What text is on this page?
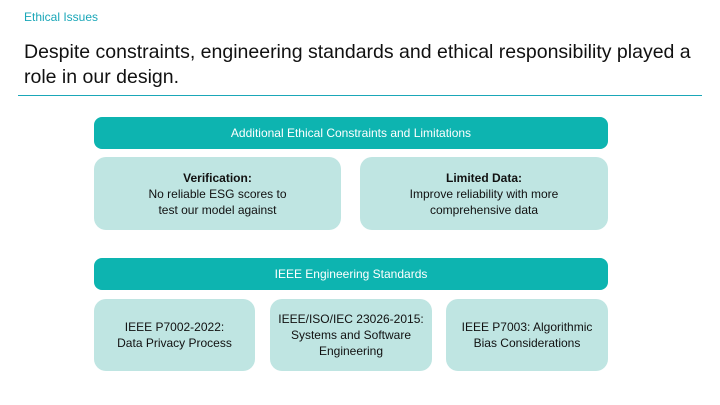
Ethical Issues
Despite constraints, engineering standards and ethical responsibility played a role in our design.
Additional Ethical Constraints and Limitations
Verification:
No reliable ESG scores to
test our model against
Limited Data:
Improve reliability with more
comprehensive data
IEEE Engineering Standards
IEEE P7002-2022:
Data Privacy Process
IEEE/ISO/IEC 23026-2015:
Systems and Software
Engineering
IEEE P7003: Algorithmic
Bias Considerations
